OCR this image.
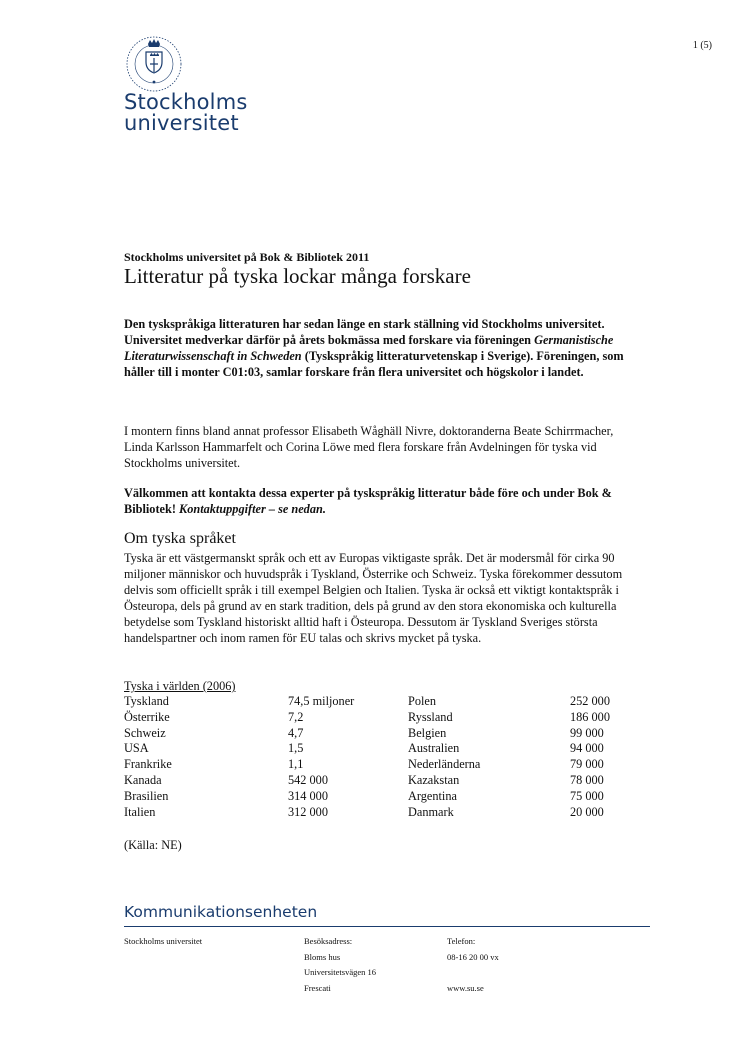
Stockholms
universitet
1 (5)
Stockholms universitet på Bok & Bibliotek 2011
Litteratur på tyska lockar många forskare
Den tyskspråkiga litteraturen har sedan länge en stark ställning vid Stockholms universitet. Universitet medverkar därför på årets bokmässa med forskare via föreningen Germanistische Literaturwissenschaft in Schweden (Tyskspråkig litteraturvetenskap i Sverige). Föreningen, som håller till i monter C01:03, samlar forskare från flera universitet och högskolor i landet.
I montern finns bland annat professor Elisabeth Wåghäll Nivre, doktoranderna Beate Schirrmacher, Linda Karlsson Hammarfelt och Corina Löwe med flera forskare från Avdelningen för tyska vid Stockholms universitet.
Välkommen att kontakta dessa experter på tyskspråkig litteratur både före och under Bok & Bibliotek! Kontaktuppgifter – se nedan.
Om tyska språket
Tyska är ett västgermanskt språk och ett av Europas viktigaste språk. Det är modersmål för cirka 90 miljoner människor och huvudspråk i Tyskland, Österrike och Schweiz. Tyska förekommer dessutom delvis som officiellt språk i till exempel Belgien och Italien. Tyska är också ett viktigt kontaktspråk i Östeuropa, dels på grund av en stark tradition, dels på grund av den stora ekonomiska och kulturella betydelse som Tyskland historiskt alltid haft i Östeuropa. Dessutom är Tyskland Sveriges största handelspartner och inom ramen för EU talas och skrivs mycket på tyska.
Tyska i världen (2006)
Tyskland
Österrike
Schweiz
USA
Frankrike
Kanada
Brasilien
Italien
74,5 miljoner
7,2
4,7
1,5
1,1
542 000
314 000
312 000
Polen
Ryssland
Belgien
Australien
Nederländerna
Kazakstan
Argentina
Danmark
252 000
186 000
99 000
94 000
79 000
78 000
75 000
20 000
(Källa: NE)
Kommunikationsenheten
Stockholms universitet	Besöksadress:
Bloms hus
Universitetsvägen 16
Frescati
Telefon:
08-16 20 00 vx

www.su.se
